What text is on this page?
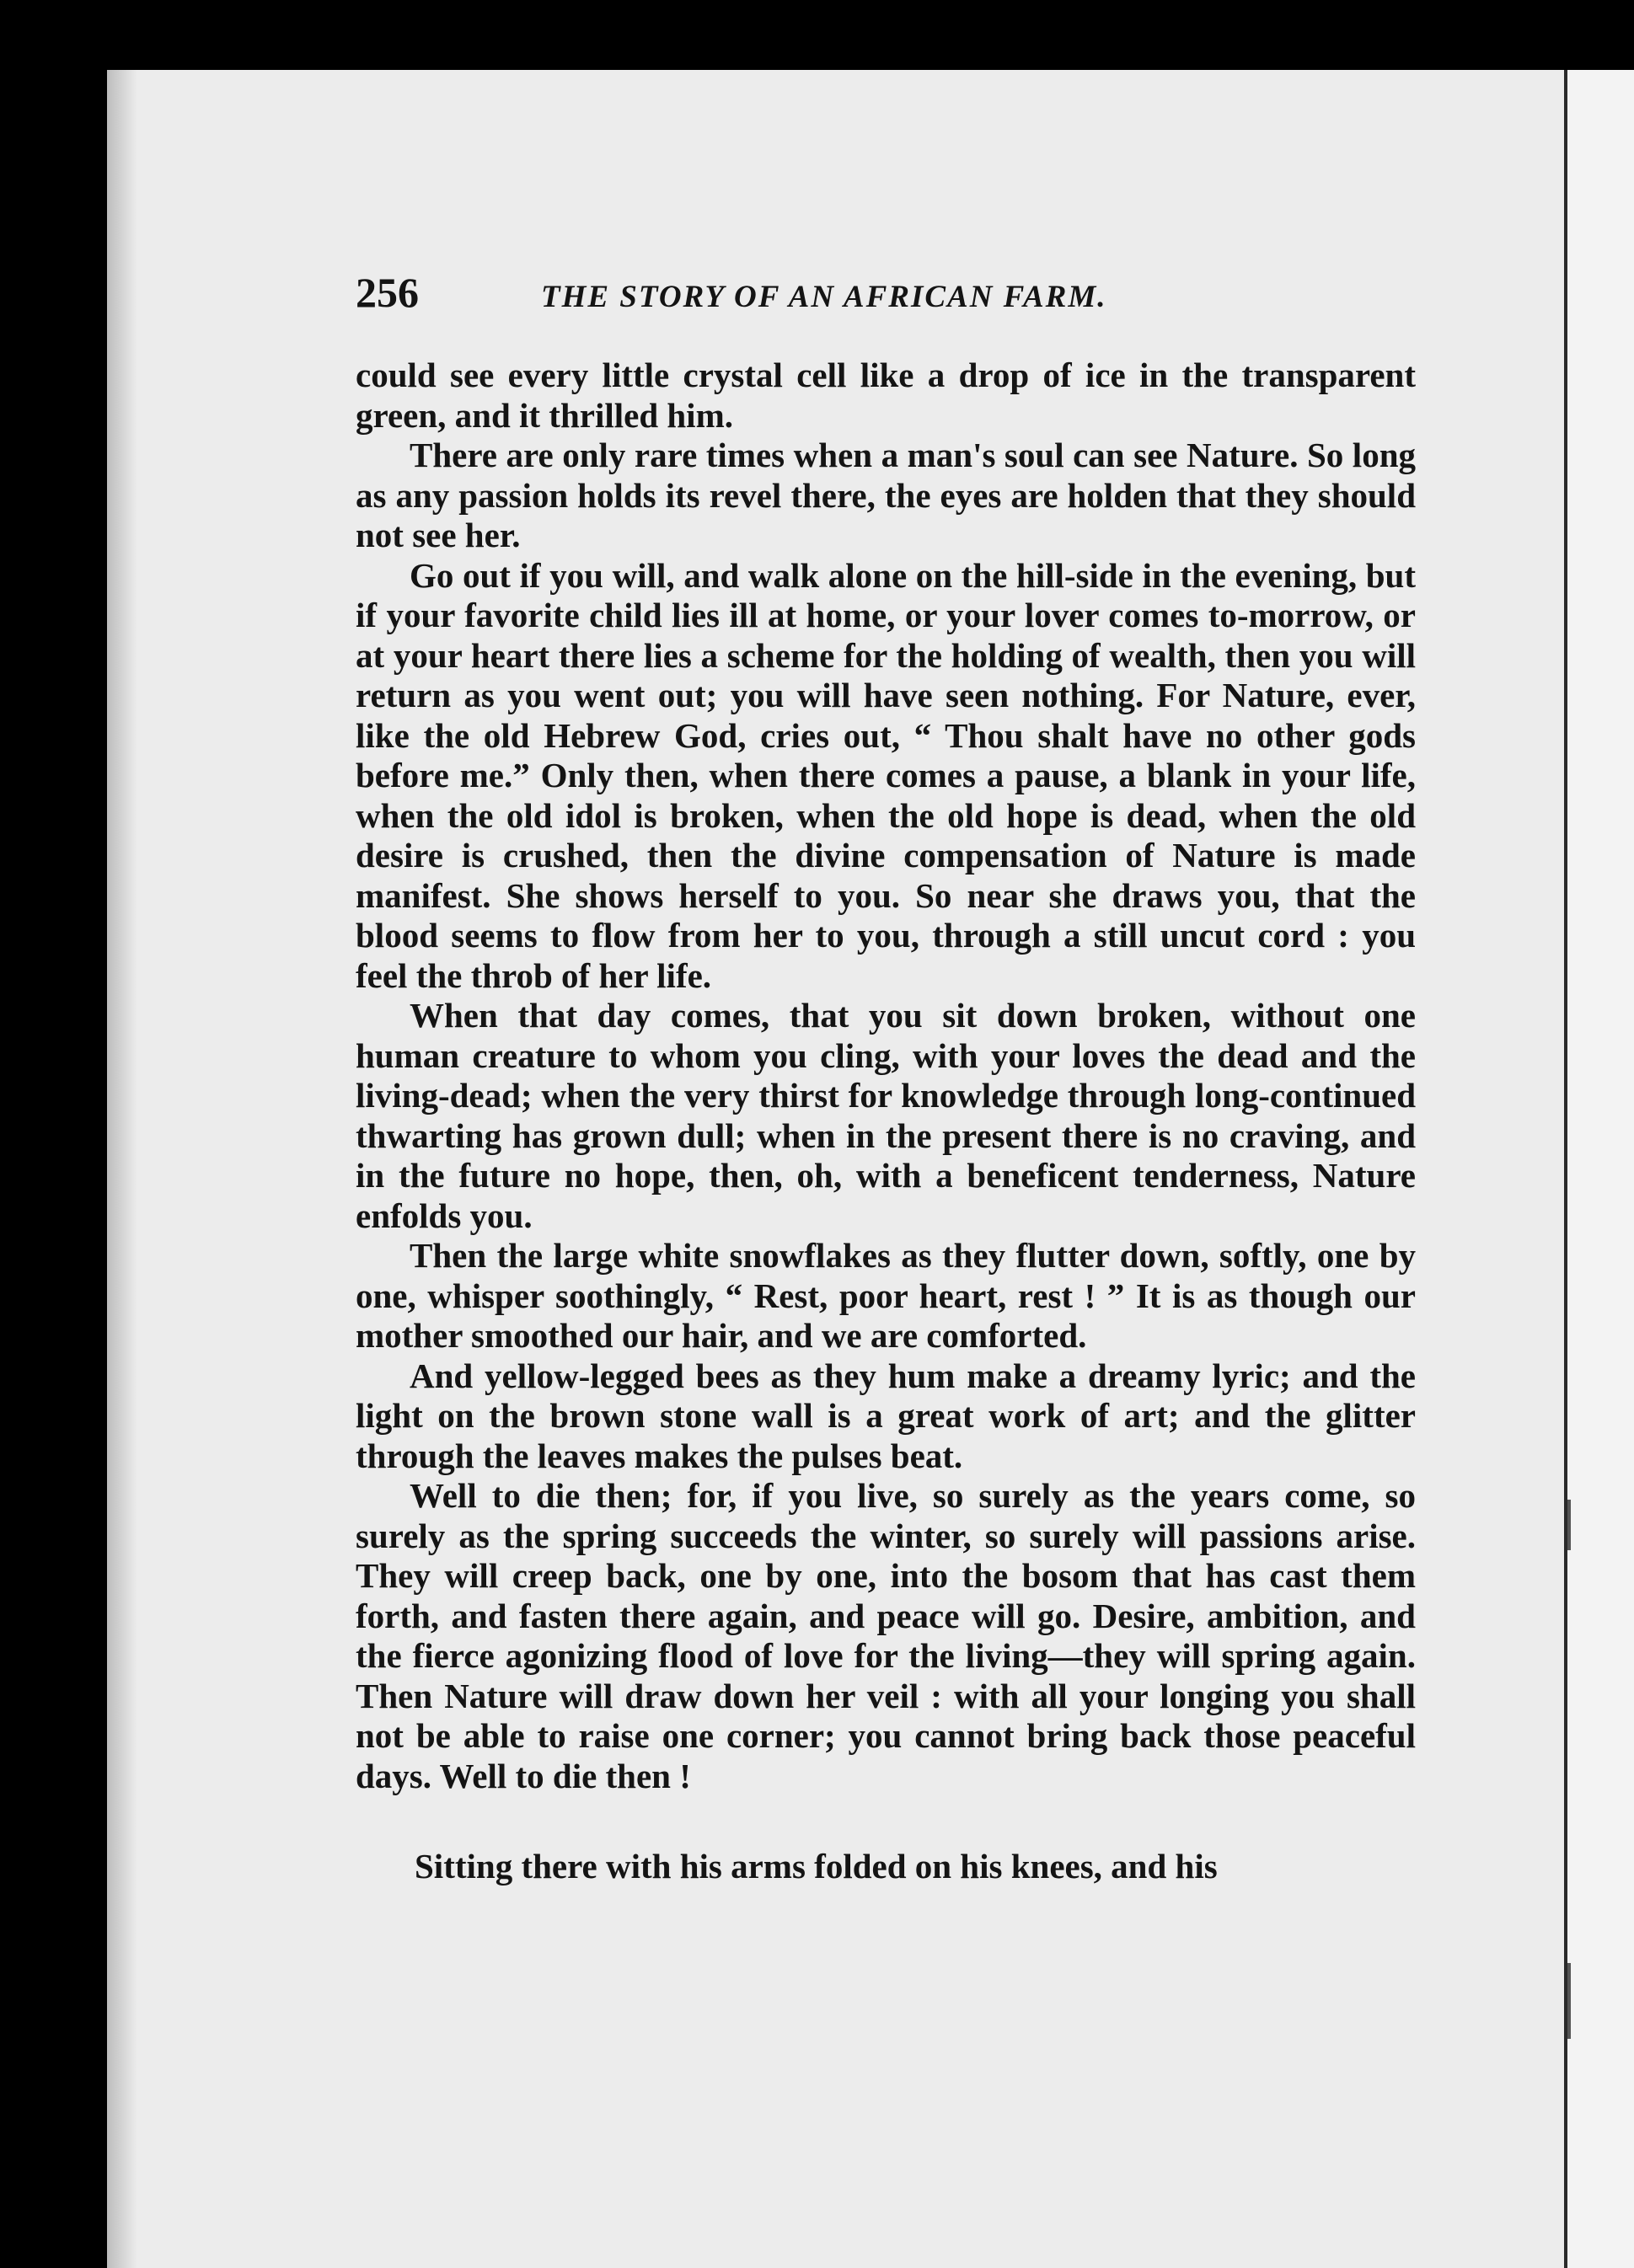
256	THE STORY OF AN AFRICAN FARM.

could see every little crystal cell like a drop of ice in the transparent green, and it thrilled him.

There are only rare times when a man's soul can see Nature. So long as any passion holds its revel there, the eyes are holden that they should not see her.

Go out if you will, and walk alone on the hill-side in the evening, but if your favorite child lies ill at home, or your lover comes to-morrow, or at your heart there lies a scheme for the holding of wealth, then you will return as you went out; you will have seen nothing. For Nature, ever, like the old Hebrew God, cries out, “ Thou shalt have no other gods before me.” Only then, when there comes a pause, a blank in your life, when the old idol is broken, when the old hope is dead, when the old desire is crushed, then the divine compensation of Nature is made manifest. She shows herself to you. So near she draws you, that the blood seems to flow from her to you, through a still uncut cord : you feel the throb of her life.

When that day comes, that you sit down broken, without one human creature to whom you cling, with your loves the dead and the living-dead; when the very thirst for knowledge through long-continued thwarting has grown dull; when in the present there is no craving, and in the future no hope, then, oh, with a beneficent tenderness, Nature enfolds you.

Then the large white snowflakes as they flutter down, softly, one by one, whisper soothingly, “ Rest, poor heart, rest ! ” It is as though our mother smoothed our hair, and we are comforted.

And yellow-legged bees as they hum make a dreamy lyric; and the light on the brown stone wall is a great work of art; and the glitter through the leaves makes the pulses beat.

Well to die then; for, if you live, so surely as the years come, so surely as the spring succeeds the winter, so surely will passions arise. They will creep back, one by one, into the bosom that has cast them forth, and fasten there again, and peace will go. Desire, ambition, and the fierce agonizing flood of love for the living—they will spring again. Then Nature will draw down her veil : with all your longing you shall not be able to raise one corner; you cannot bring back those peaceful days. Well to die then !

Sitting there with his arms folded on his knees, and his
